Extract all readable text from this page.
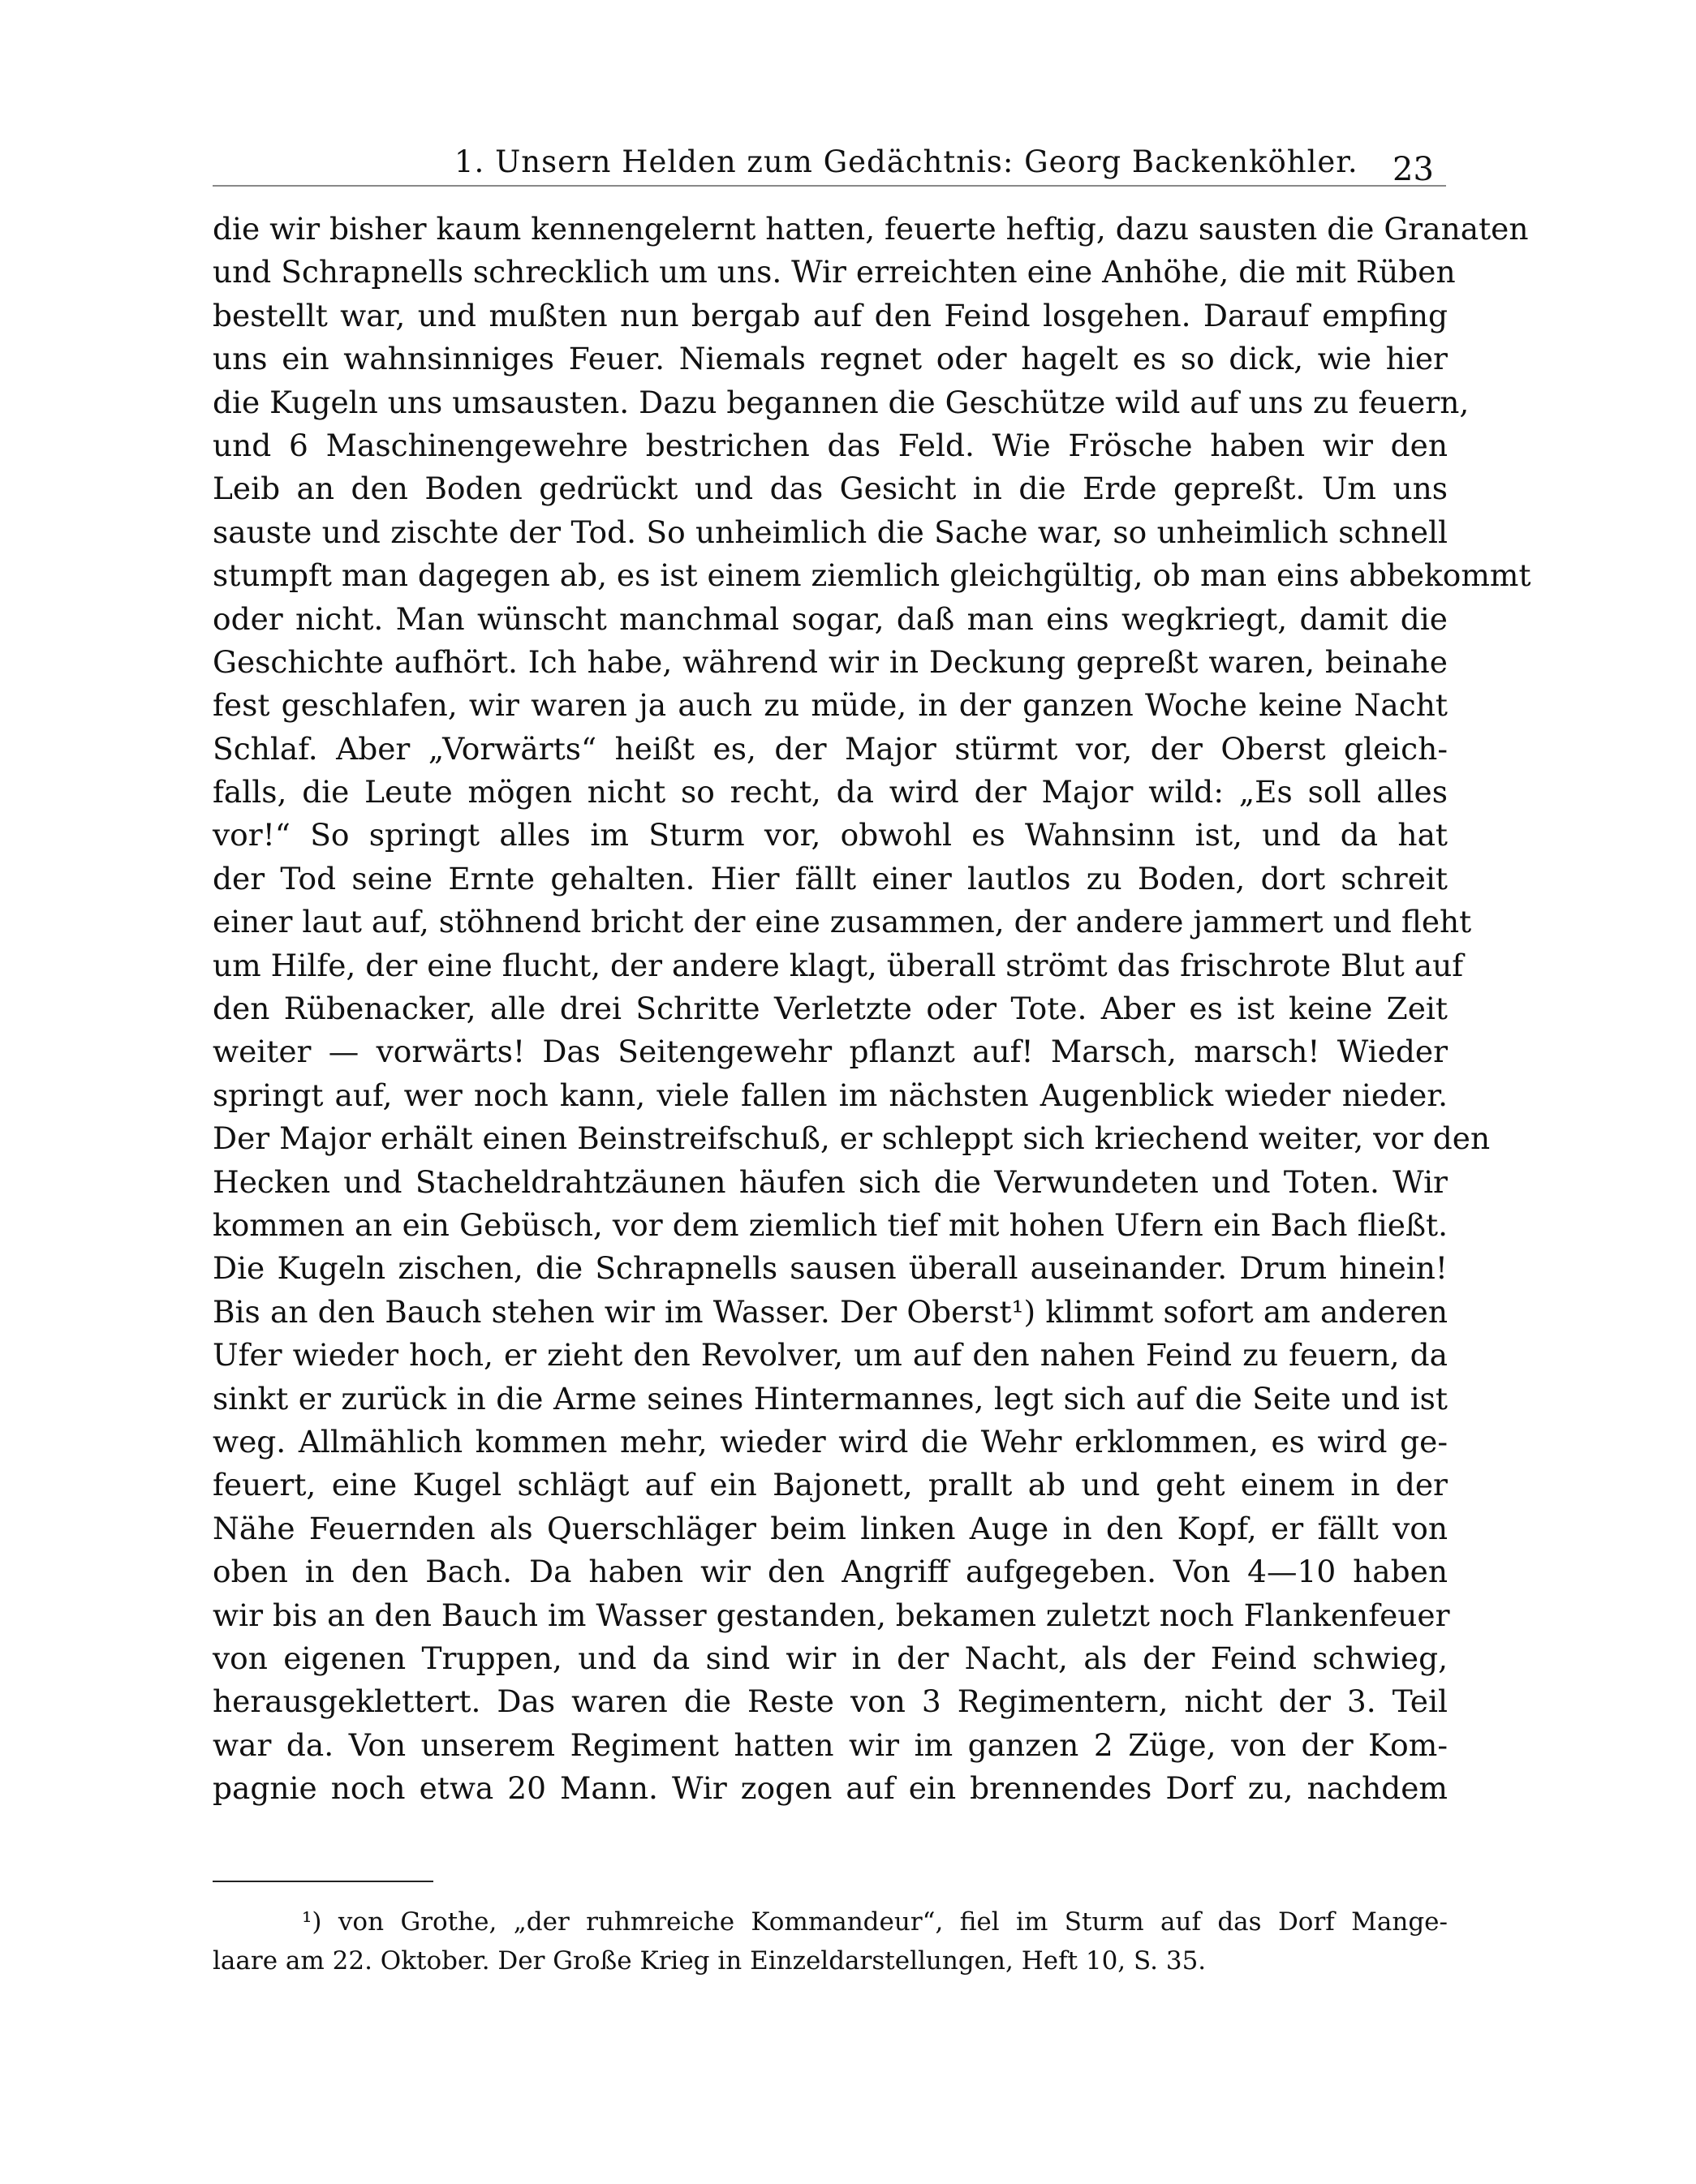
1. Unsern Helden zum Gedächtnis: Georg Backenköhler. 23
die wir bisher kaum kennengelernt hatten, feuerte heftig, dazu sausten die Granaten
und Schrapnells schrecklich um uns. Wir erreichten eine Anhöhe, die mit Rüben
bestellt war, und mußten nun bergab auf den Feind losgehen. Darauf empfing
uns ein wahnsinniges Feuer. Niemals regnet oder hagelt es so dick, wie hier
die Kugeln uns umsausten. Dazu begannen die Geschütze wild auf uns zu feuern,
und 6 Maschinengewehre bestrichen das Feld. Wie Frösche haben wir den
Leib an den Boden gedrückt und das Gesicht in die Erde gepreßt. Um uns
sauste und zischte der Tod. So unheimlich die Sache war, so unheimlich schnell
stumpft man dagegen ab, es ist einem ziemlich gleichgültig, ob man eins abbekommt
oder nicht. Man wünscht manchmal sogar, daß man eins wegkriegt, damit die
Geschichte aufhört. Ich habe, während wir in Deckung gepreßt waren, beinahe
fest geschlafen, wir waren ja auch zu müde, in der ganzen Woche keine Nacht
Schlaf. Aber „Vorwärts“ heißt es, der Major stürmt vor, der Oberst gleich-
falls, die Leute mögen nicht so recht, da wird der Major wild: „Es soll alles
vor!“ So springt alles im Sturm vor, obwohl es Wahnsinn ist, und da hat
der Tod seine Ernte gehalten. Hier fällt einer lautlos zu Boden, dort schreit
einer laut auf, stöhnend bricht der eine zusammen, der andere jammert und fleht
um Hilfe, der eine flucht, der andere klagt, überall strömt das frischrote Blut auf
den Rübenacker, alle drei Schritte Verletzte oder Tote. Aber es ist keine Zeit
weiter — vorwärts! Das Seitengewehr pflanzt auf! Marsch, marsch! Wieder
springt auf, wer noch kann, viele fallen im nächsten Augenblick wieder nieder.
Der Major erhält einen Beinstreifschuß, er schleppt sich kriechend weiter, vor den
Hecken und Stacheldrahtzäunen häufen sich die Verwundeten und Toten. Wir
kommen an ein Gebüsch, vor dem ziemlich tief mit hohen Ufern ein Bach fließt.
Die Kugeln zischen, die Schrapnells sausen überall auseinander. Drum hinein!
Bis an den Bauch stehen wir im Wasser. Der Oberst¹) klimmt sofort am anderen
Ufer wieder hoch, er zieht den Revolver, um auf den nahen Feind zu feuern, da
sinkt er zurück in die Arme seines Hintermannes, legt sich auf die Seite und ist
weg. Allmählich kommen mehr, wieder wird die Wehr erklommen, es wird ge-
feuert, eine Kugel schlägt auf ein Bajonett, prallt ab und geht einem in der
Nähe Feuernden als Querschläger beim linken Auge in den Kopf, er fällt von
oben in den Bach. Da haben wir den Angriff aufgegeben. Von 4—10 haben
wir bis an den Bauch im Wasser gestanden, bekamen zuletzt noch Flankenfeuer
von eigenen Truppen, und da sind wir in der Nacht, als der Feind schwieg,
herausgeklettert. Das waren die Reste von 3 Regimentern, nicht der 3. Teil
war da. Von unserem Regiment hatten wir im ganzen 2 Züge, von der Kom-
pagnie noch etwa 20 Mann. Wir zogen auf ein brennendes Dorf zu, nachdem
¹) von Grothe, „der ruhmreiche Kommandeur“, fiel im Sturm auf das Dorf Mange-
laare am 22. Oktober. Der Große Krieg in Einzeldarstellungen, Heft 10, S. 35.
